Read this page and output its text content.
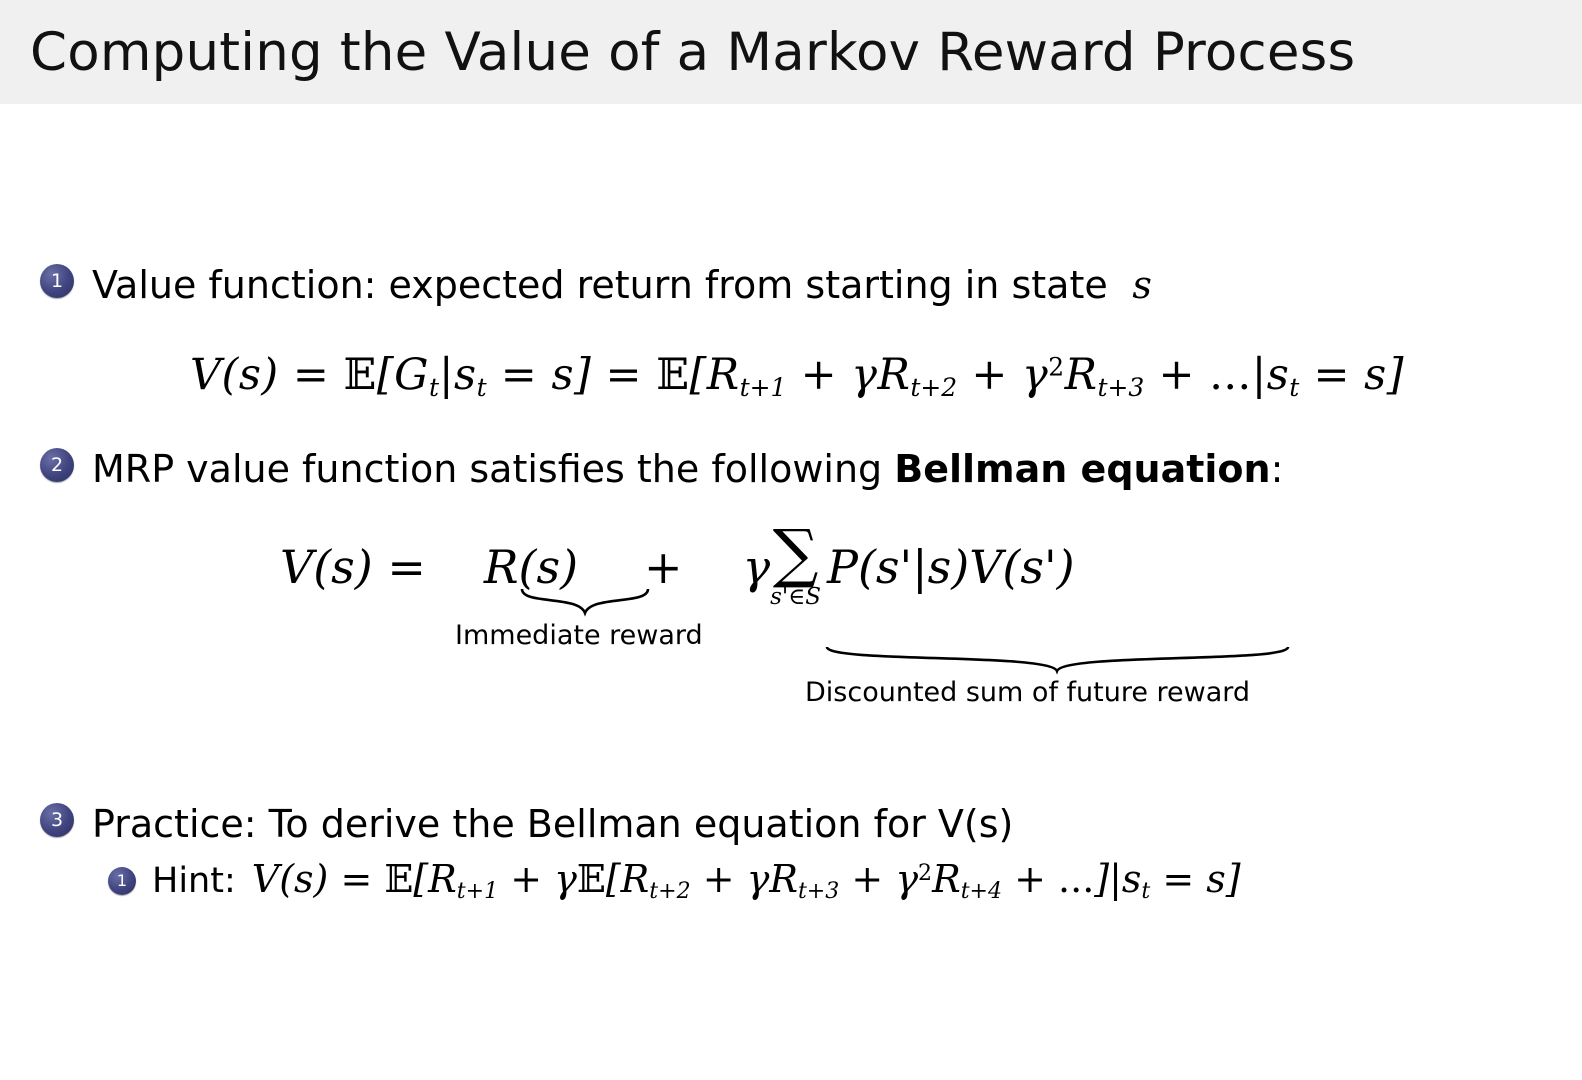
Computing the Value of a Markov Reward Process
1 Value function: expected return from starting in state  s
$V(s) = 𝔼[G_t|s_t = s]$ = $𝔼[R_{t+1} + \gamma R_{t+2} + \gamma^2R_{t+3} + ...|s_t = s]$
2 MRP value function satisfies the following Bellman equation:
V(s) = R(s) + γ ∑
s'∈S
P(s'|s)V(s')
Immediate reward
Discounted sum of future reward
3 Practice: To derive the Bellman equation for V(s)
1 Hint: $V(s) = 𝔼[R_{t+1}$ + $\gamma 𝔼[R_{t+2} + \gamma R_{t+3} + \gamma^2R_{t+4} + ...]|s_t = s$]
